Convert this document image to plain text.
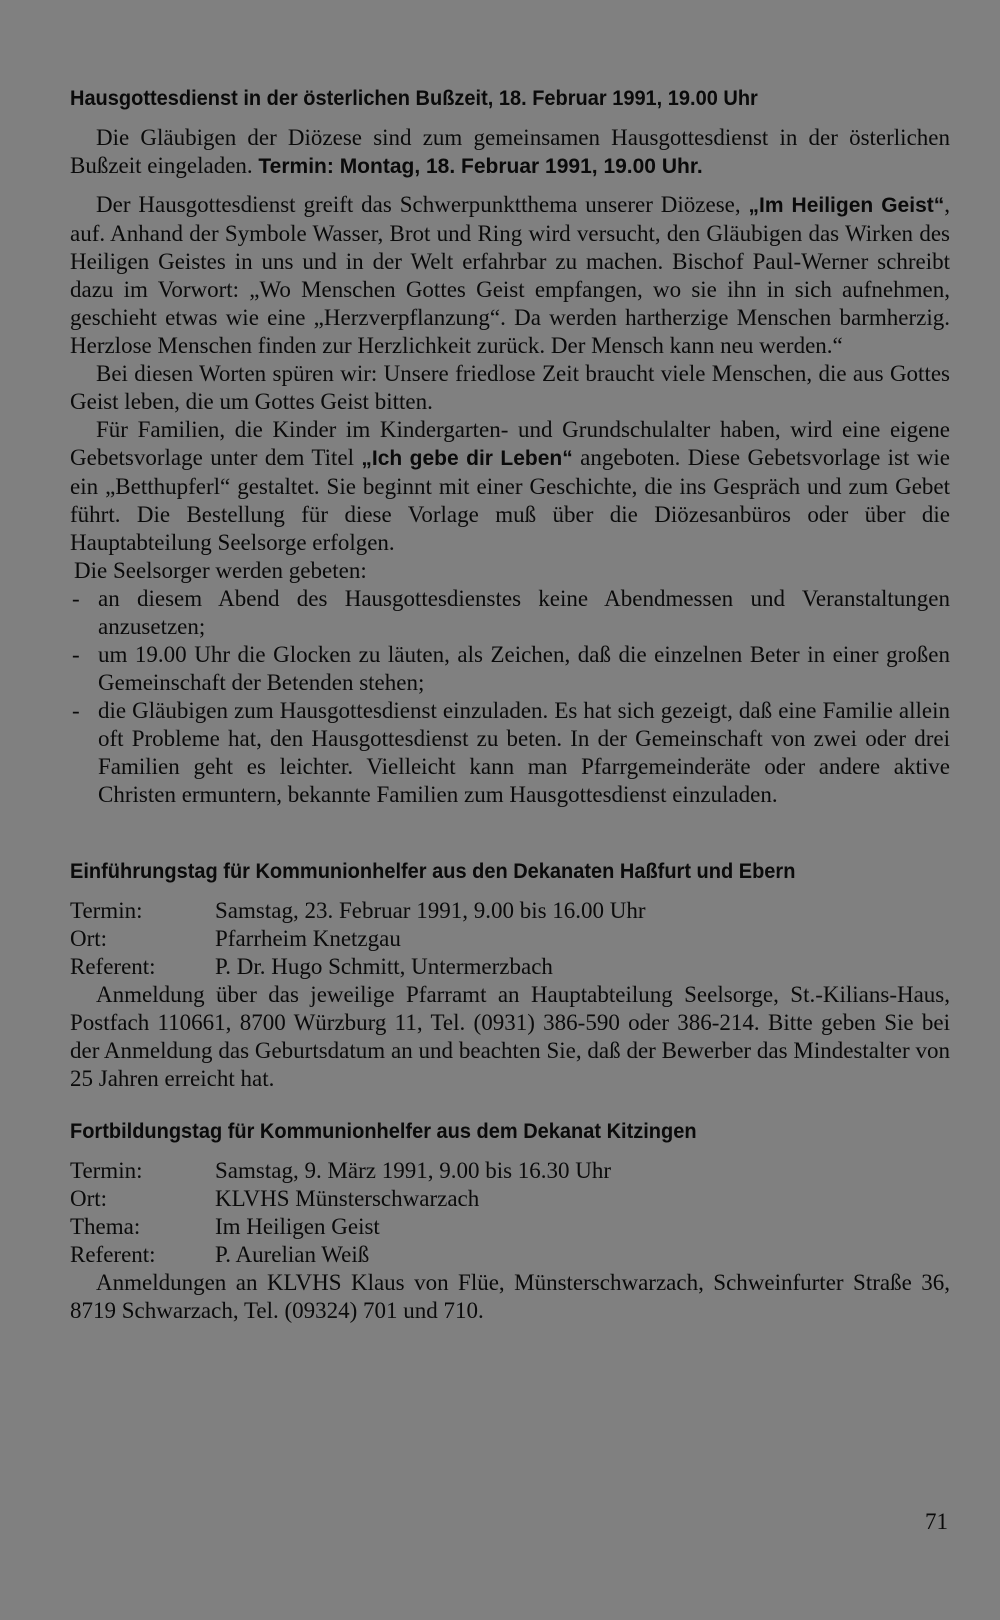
Hausgottesdienst in der österlichen Bußzeit, 18. Februar 1991, 19.00 Uhr

Die Gläubigen der Diözese sind zum gemeinsamen Hausgottesdienst in der österlichen Bußzeit eingeladen. Termin: Montag, 18. Februar 1991, 19.00 Uhr.

Der Hausgottesdienst greift das Schwerpunktthema unserer Diözese, „Im Heiligen Geist“, auf. Anhand der Symbole Wasser, Brot und Ring wird versucht, den Gläubigen das Wirken des Heiligen Geistes in uns und in der Welt erfahrbar zu machen. Bischof Paul-Werner schreibt dazu im Vorwort: „Wo Menschen Gottes Geist empfangen, wo sie ihn in sich aufnehmen, geschieht etwas wie eine „Herzverpflanzung“. Da werden hartherzige Menschen barmherzig. Herzlose Menschen finden zur Herzlichkeit zurück. Der Mensch kann neu werden.“

Bei diesen Worten spüren wir: Unsere friedlose Zeit braucht viele Menschen, die aus Gottes Geist leben, die um Gottes Geist bitten.

Für Familien, die Kinder im Kindergarten- und Grundschulalter haben, wird eine eigene Gebetsvorlage unter dem Titel „Ich gebe dir Leben“ angeboten. Diese Gebetsvorlage ist wie ein „Betthupferl“ gestaltet. Sie beginnt mit einer Geschichte, die ins Gespräch und zum Gebet führt. Die Bestellung für diese Vorlage muß über die Diözesanbüros oder über die Hauptabteilung Seelsorge erfolgen.

Die Seelsorger werden gebeten:

- an diesem Abend des Hausgottesdienstes keine Abendmessen und Veranstaltungen anzusetzen;
- um 19.00 Uhr die Glocken zu läuten, als Zeichen, daß die einzelnen Beter in einer großen Gemeinschaft der Betenden stehen;
- die Gläubigen zum Hausgottesdienst einzuladen. Es hat sich gezeigt, daß eine Familie allein oft Probleme hat, den Hausgottesdienst zu beten. In der Gemeinschaft von zwei oder drei Familien geht es leichter. Vielleicht kann man Pfarrgemeinderäte oder andere aktive Christen ermuntern, bekannte Familien zum Hausgottesdienst einzuladen.
Einführungstag für Kommunionhelfer aus den Dekanaten Haßfurt und Ebern
Termin:	Samstag, 23. Februar 1991, 9.00 bis 16.00 Uhr
Ort:	Pfarrheim Knetzgau
Referent:	P. Dr. Hugo Schmitt, Untermerzbach

Anmeldung über das jeweilige Pfarramt an Hauptabteilung Seelsorge, St.-Kilians-Haus, Postfach 110661, 8700 Würzburg 11, Tel. (0931) 386-590 oder 386-214. Bitte geben Sie bei der Anmeldung das Geburtsdatum an und beachten Sie, daß der Bewerber das Mindestalter von 25 Jahren erreicht hat.

Fortbildungstag für Kommunionhelfer aus dem Dekanat Kitzingen
Termin:	Samstag, 9. März 1991, 9.00 bis 16.30 Uhr
Ort:	KLVHS Münsterschwarzach
Thema:	Im Heiligen Geist
Referent:	P. Aurelian Weiß

Anmeldungen an KLVHS Klaus von Flüe, Münsterschwarzach, Schweinfurter Straße 36, 8719 Schwarzach, Tel. (09324) 701 und 710.

71
